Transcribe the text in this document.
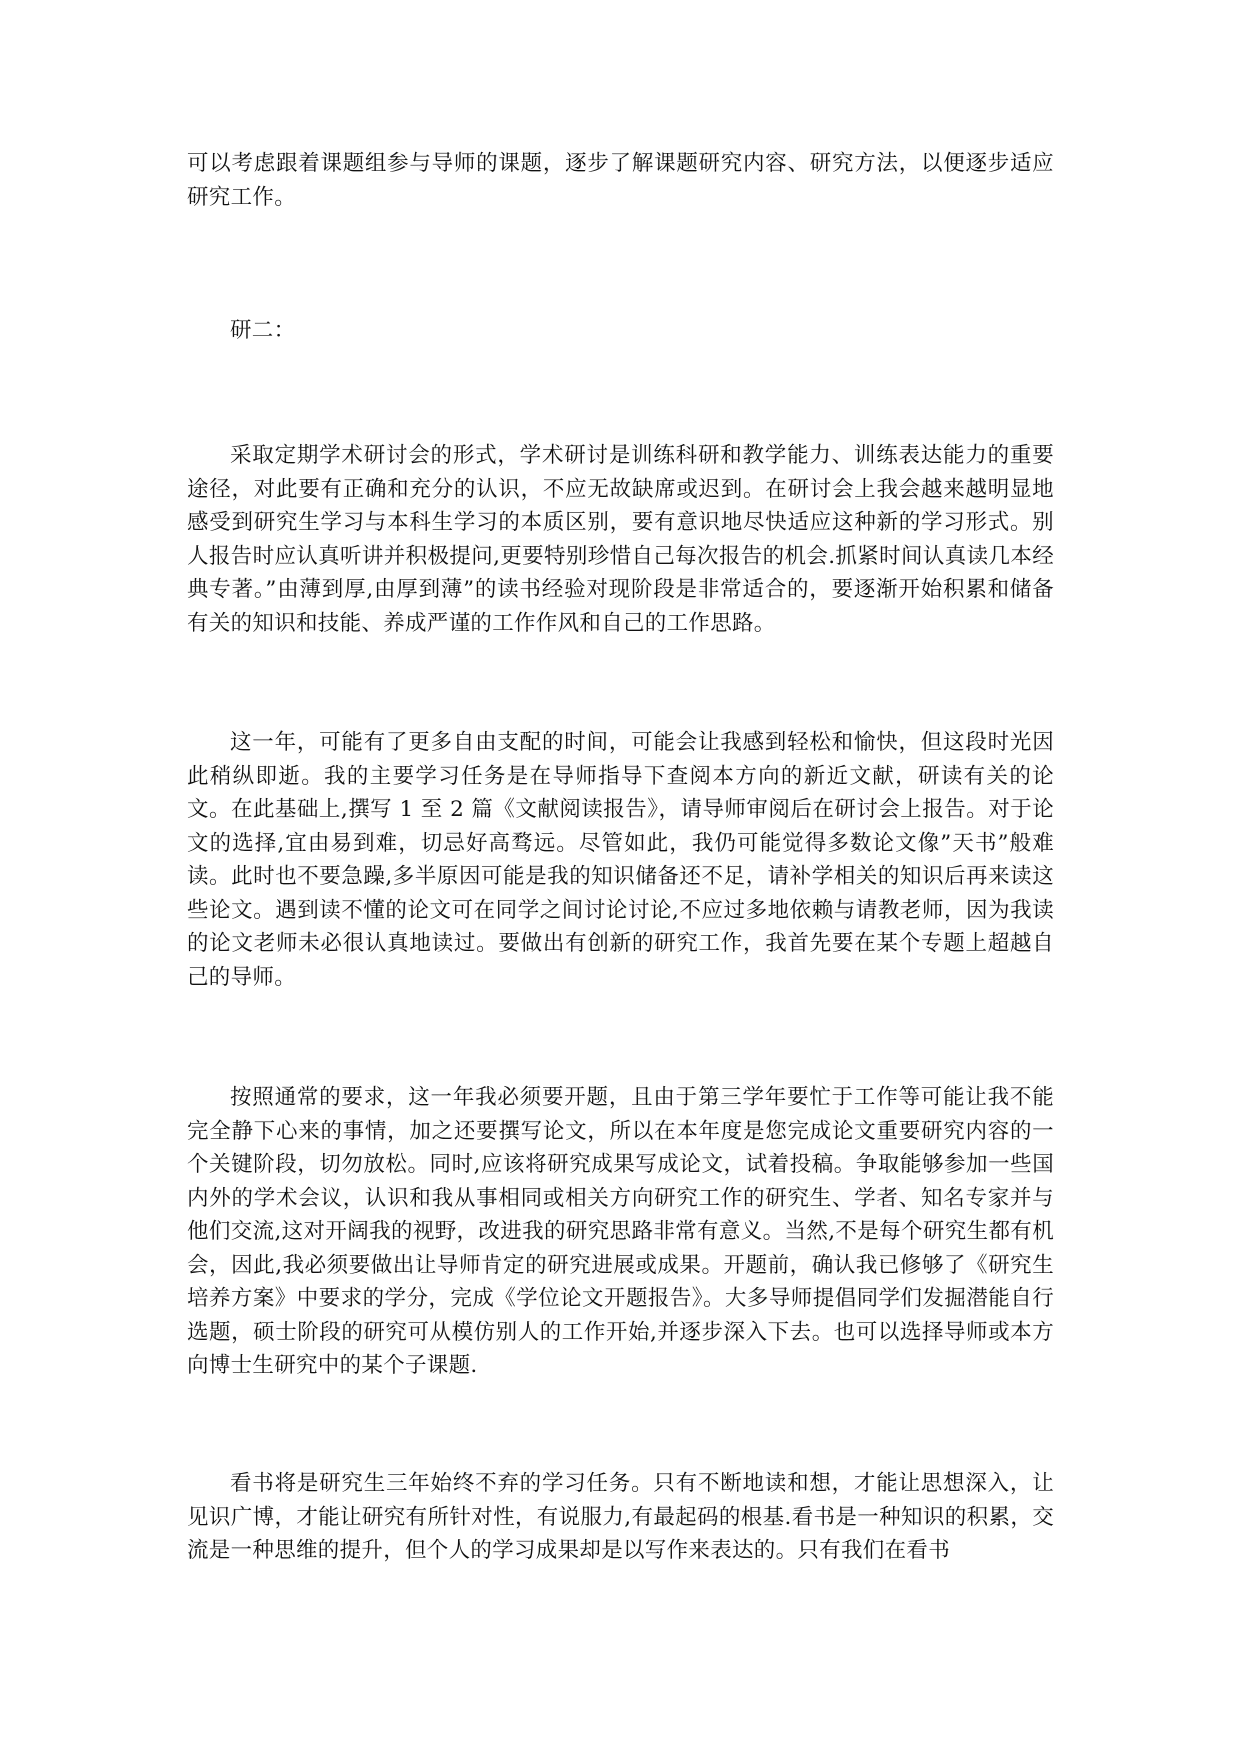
可以考虑跟着课题组参与导师的课题，逐步了解课题研究内容、研究方法，以便逐步适应研究工作。

研二：

采取定期学术研讨会的形式，学术研讨是训练科研和教学能力、训练表达能力的重要途径，对此要有正确和充分的认识，不应无故缺席或迟到。在研讨会上我会越来越明显地感受到研究生学习与本科生学习的本质区别，要有意识地尽快适应这种新的学习形式。别人报告时应认真听讲并积极提问,更要特别珍惜自己每次报告的机会.抓紧时间认真读几本经典专著。”由薄到厚,由厚到薄”的读书经验对现阶段是非常适合的，要逐渐开始积累和储备有关的知识和技能、养成严谨的工作作风和自己的工作思路。

这一年，可能有了更多自由支配的时间，可能会让我感到轻松和愉快，但这段时光因此稍纵即逝。我的主要学习任务是在导师指导下查阅本方向的新近文献，研读有关的论文。在此基础上,撰写 1 至 2 篇《文献阅读报告》，请导师审阅后在研讨会上报告。对于论文的选择,宜由易到难，切忌好高骛远。尽管如此，我仍可能觉得多数论文像”天书”般难读。此时也不要急躁,多半原因可能是我的知识储备还不足，请补学相关的知识后再来读这些论文。遇到读不懂的论文可在同学之间讨论讨论,不应过多地依赖与请教老师，因为我读的论文老师未必很认真地读过。要做出有创新的研究工作，我首先要在某个专题上超越自己的导师。

按照通常的要求，这一年我必须要开题，且由于第三学年要忙于工作等可能让我不能完全静下心来的事情，加之还要撰写论文，所以在本年度是您完成论文重要研究内容的一个关键阶段，切勿放松。同时,应该将研究成果写成论文，试着投稿。争取能够参加一些国内外的学术会议，认识和我从事相同或相关方向研究工作的研究生、学者、知名专家并与他们交流,这对开阔我的视野，改进我的研究思路非常有意义。当然,不是每个研究生都有机会，因此,我必须要做出让导师肯定的研究进展或成果。开题前，确认我已修够了《研究生培养方案》中要求的学分，完成《学位论文开题报告》。大多导师提倡同学们发掘潜能自行选题，硕士阶段的研究可从模仿别人的工作开始,并逐步深入下去。也可以选择导师或本方向博士生研究中的某个子课题.

看书将是研究生三年始终不弃的学习任务。只有不断地读和想，才能让思想深入，让见识广博，才能让研究有所针对性，有说服力,有最起码的根基.看书是一种知识的积累，交流是一种思维的提升，但个人的学习成果却是以写作来表达的。只有我们在看书
